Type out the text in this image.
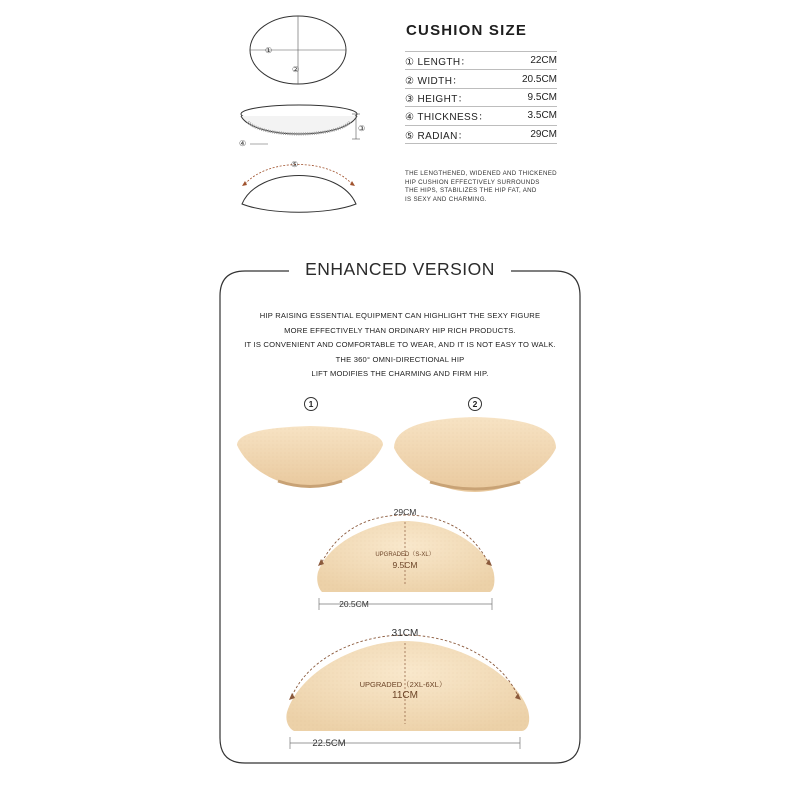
①
②
③
④
⑤
CUSHION SIZE
① LENGTH：	22CM
② WIDTH：	20.5CM
③ HEIGHT：	9.5CM
④ THICKNESS：	3.5CM
⑤ RADIAN：	29CM
THE LENGTHENED, WIDENED AND THICKENED
HIP CUSHION EFFECTIVELY SURROUNDS
THE HIPS, STABILIZES THE HIP FAT, AND
IS SEXY AND CHARMING.
ENHANCED VERSION
HIP RAISING ESSENTIAL EQUIPMENT CAN HIGHLIGHT THE SEXY FIGURE
MORE EFFECTIVELY THAN ORDINARY HIP RICH PRODUCTS.
IT IS CONVENIENT AND COMFORTABLE TO WEAR, AND IT IS NOT EASY TO WALK.
THE 360° OMNI-DIRECTIONAL HIP
LIFT MODIFIES THE CHARMING AND FIRM HIP.
1	2
29CM
UPGRADED（S-XL）
9.5CM
20.5CM
31CM
UPGRADED（2XL-6XL）
11CM
22.5CM
